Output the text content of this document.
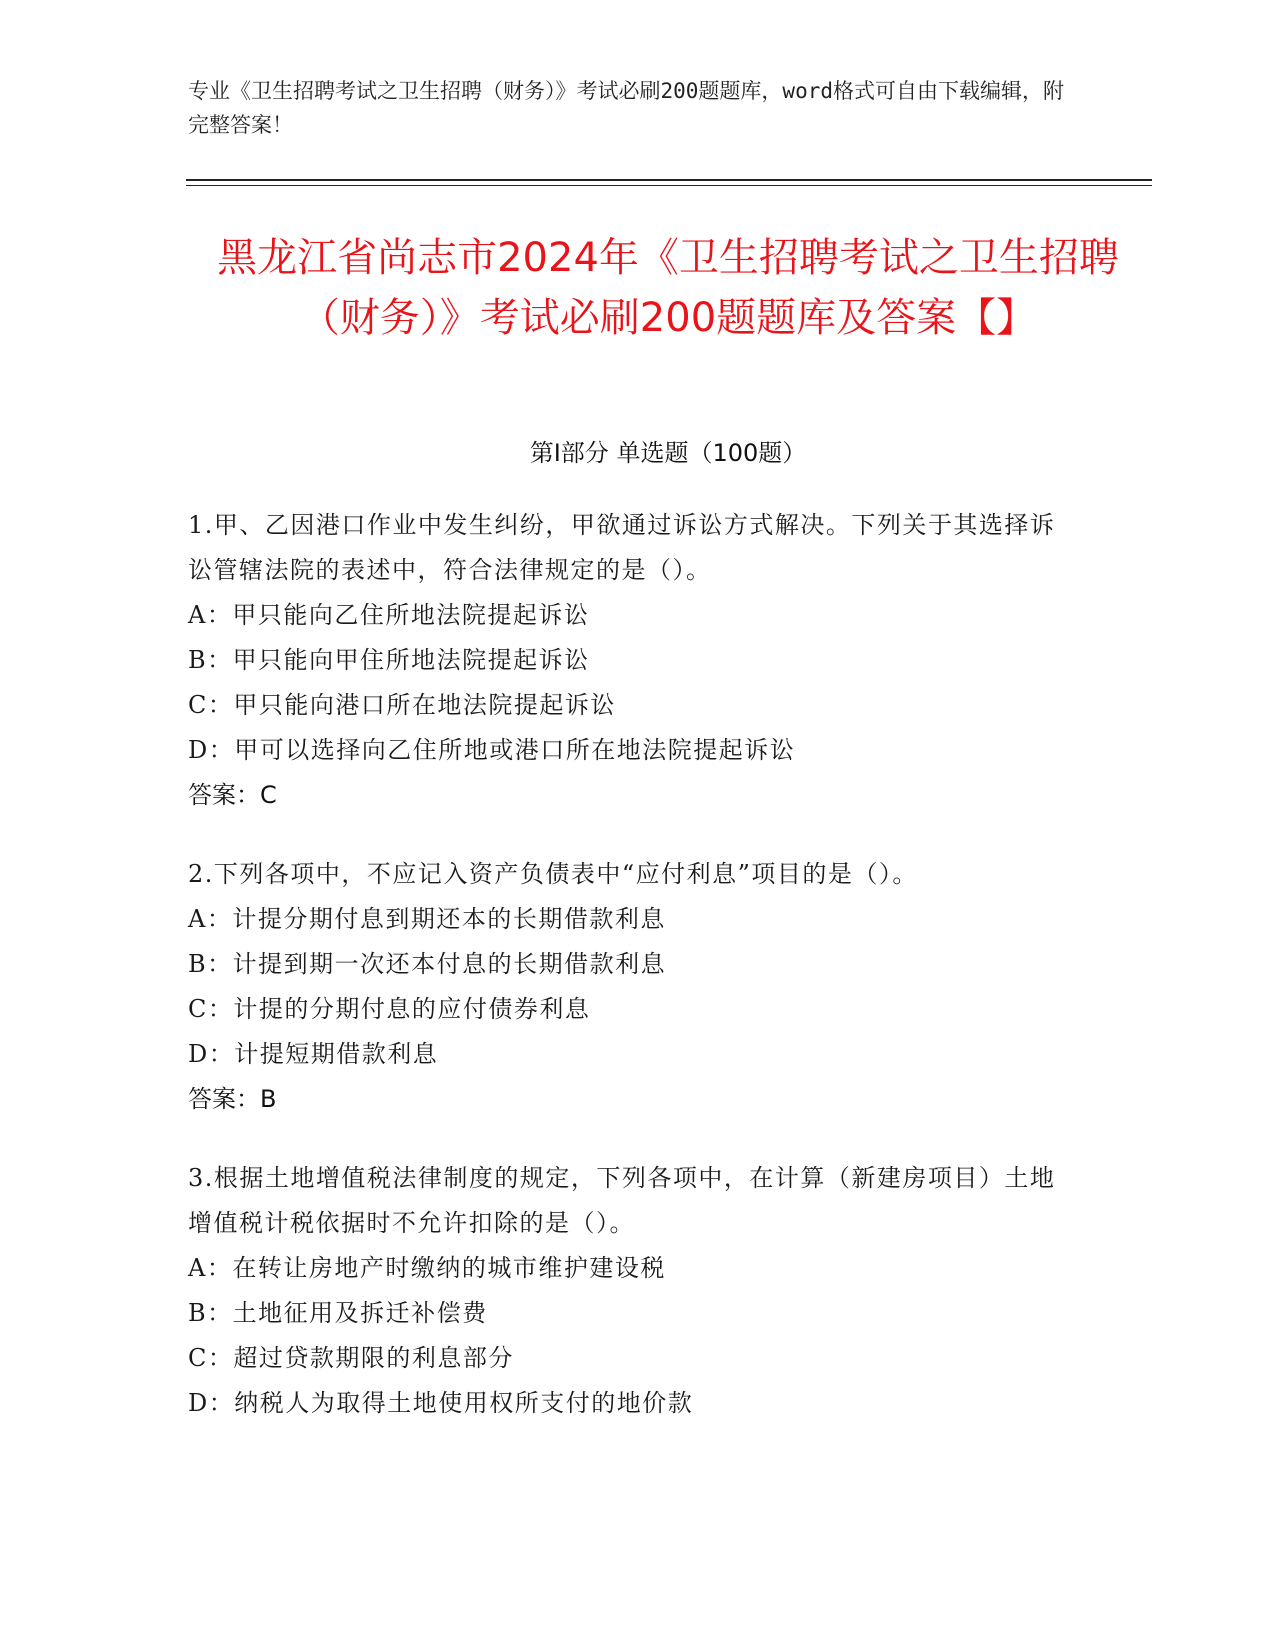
专业《卫生招聘考试之卫生招聘（财务）》考试必刷200题题库，word格式可自由下载编辑，附完整答案！
黑龙江省尚志市2024年《卫生招聘考试之卫生招聘（财务）》考试必刷200题题库及答案【】
第Ⅰ部分 单选题（100题）
1.甲、乙因港口作业中发生纠纷，甲欲通过诉讼方式解决。下列关于其选择诉讼管辖法院的表述中，符合法律规定的是（）。
A：甲只能向乙住所地法院提起诉讼
B：甲只能向甲住所地法院提起诉讼
C：甲只能向港口所在地法院提起诉讼
D：甲可以选择向乙住所地或港口所在地法院提起诉讼
答案：C
2.下列各项中，不应记入资产负债表中“应付利息”项目的是（）。
A：计提分期付息到期还本的长期借款利息
B：计提到期一次还本付息的长期借款利息
C：计提的分期付息的应付债券利息
D：计提短期借款利息
答案：B
3.根据土地增值税法律制度的规定，下列各项中，在计算（新建房项目）土地增值税计税依据时不允许扣除的是（）。
A：在转让房地产时缴纳的城市维护建设税
B：土地征用及拆迁补偿费
C：超过贷款期限的利息部分
D：纳税人为取得土地使用权所支付的地价款
